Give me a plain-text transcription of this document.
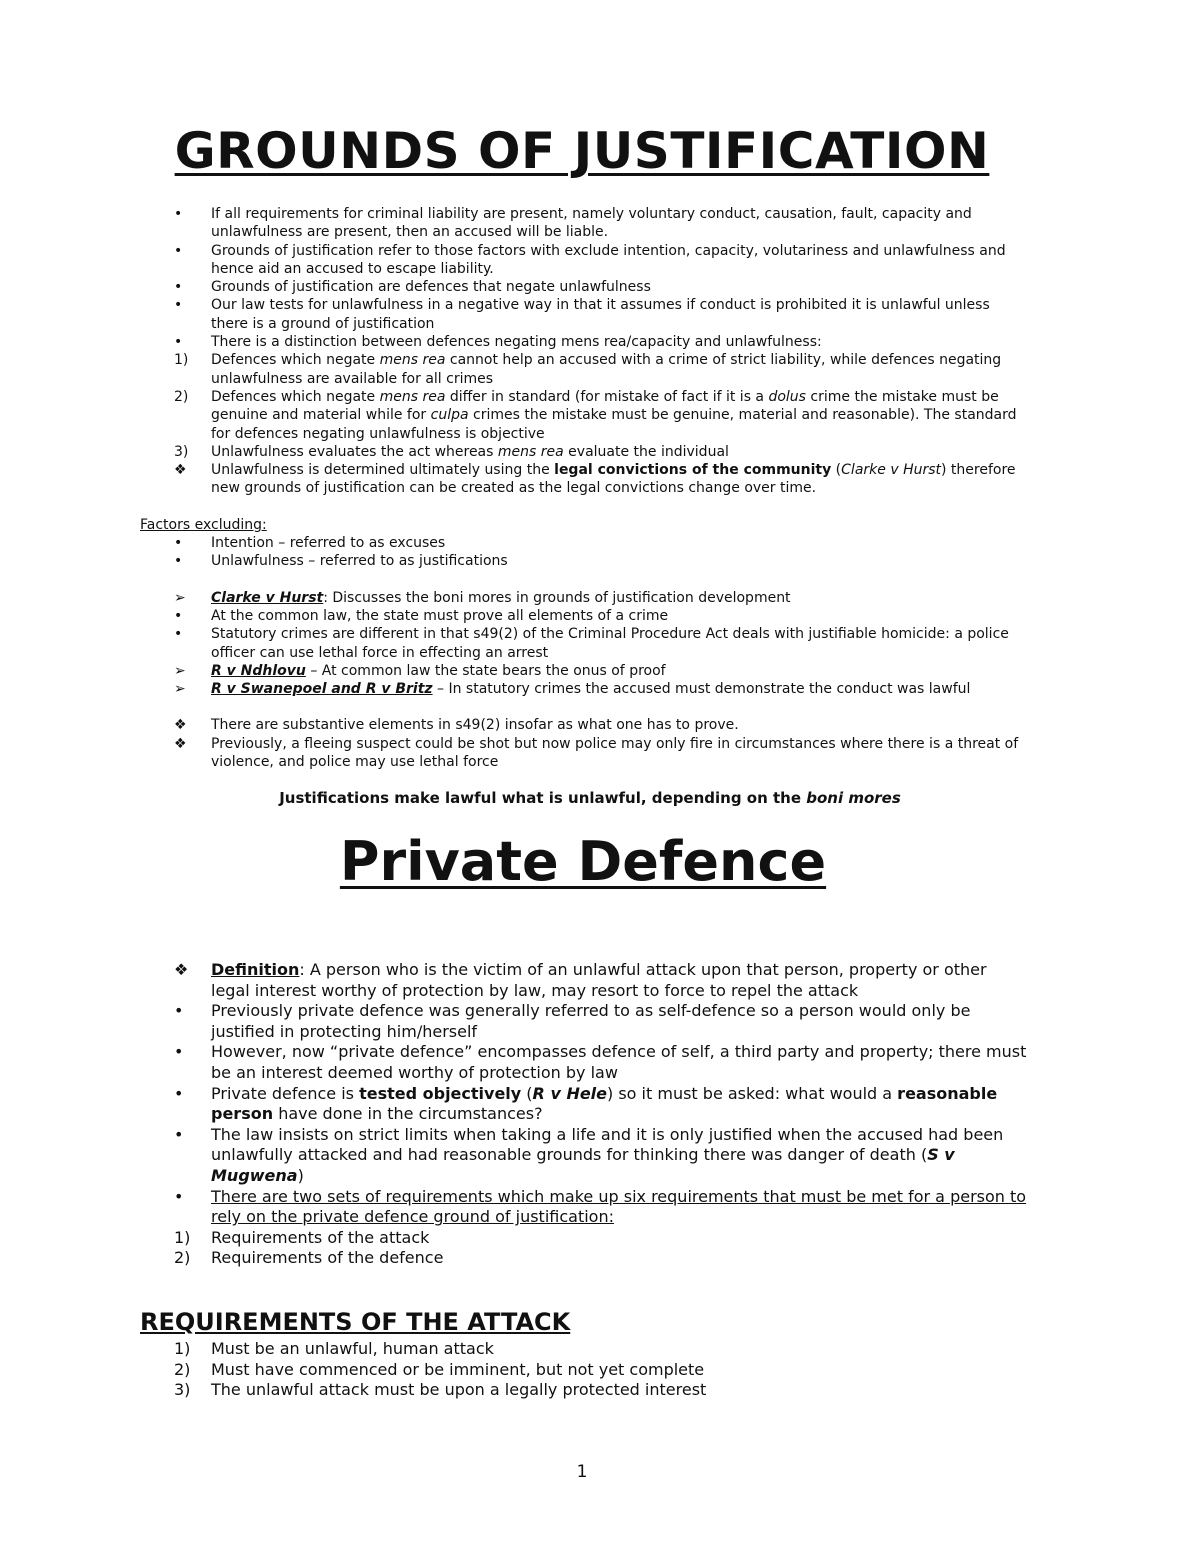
GROUNDS OF JUSTIFICATION
• If all requirements for criminal liability are present, namely voluntary conduct, causation, fault, capacity and unlawfulness are present, then an accused will be liable.
• Grounds of justification refer to those factors with exclude intention, capacity, volutariness and unlawfulness and hence aid an accused to escape liability.
• Grounds of justification are defences that negate unlawfulness
• Our law tests for unlawfulness in a negative way in that it assumes if conduct is prohibited it is unlawful unless there is a ground of justification
• There is a distinction between defences negating mens rea/capacity and unlawfulness:
1) Defences which negate mens rea cannot help an accused with a crime of strict liability, while defences negating unlawfulness are available for all crimes
2) Defences which negate mens rea differ in standard (for mistake of fact if it is a dolus crime the mistake must be genuine and material while for culpa crimes the mistake must be genuine, material and reasonable). The standard for defences negating unlawfulness is objective
3) Unlawfulness evaluates the act whereas mens rea evaluate the individual
❖ Unlawfulness is determined ultimately using the legal convictions of the community (Clarke v Hurst) therefore new grounds of justification can be created as the legal convictions change over time.
Factors excluding:
• Intention – referred to as excuses
• Unlawfulness – referred to as justifications
➢ Clarke v Hurst: Discusses the boni mores in grounds of justification development
• At the common law, the state must prove all elements of a crime
• Statutory crimes are different in that s49(2) of the Criminal Procedure Act deals with justifiable homicide: a police officer can use lethal force in effecting an arrest
➢ R v Ndhlovu – At common law the state bears the onus of proof
➢ R v Swanepoel and R v Britz – In statutory crimes the accused must demonstrate the conduct was lawful
❖ There are substantive elements in s49(2) insofar as what one has to prove.
❖ Previously, a fleeing suspect could be shot but now police may only fire in circumstances where there is a threat of violence, and police may use lethal force
Justifications make lawful what is unlawful, depending on the boni mores
Private Defence
❖ Definition: A person who is the victim of an unlawful attack upon that person, property or other legal interest worthy of protection by law, may resort to force to repel the attack
• Previously private defence was generally referred to as self-defence so a person would only be justified in protecting him/herself
• However, now “private defence” encompasses defence of self, a third party and property; there must be an interest deemed worthy of protection by law
• Private defence is tested objectively (R v Hele) so it must be asked: what would a reasonable person have done in the circumstances?
• The law insists on strict limits when taking a life and it is only justified when the accused had been unlawfully attacked and had reasonable grounds for thinking there was danger of death (S v Mugwena)
• There are two sets of requirements which make up six requirements that must be met for a person to rely on the private defence ground of justification:
1) Requirements of the attack
2) Requirements of the defence
REQUIREMENTS OF THE ATTACK
1) Must be an unlawful, human attack
2) Must have commenced or be imminent, but not yet complete
3) The unlawful attack must be upon a legally protected interest
1
